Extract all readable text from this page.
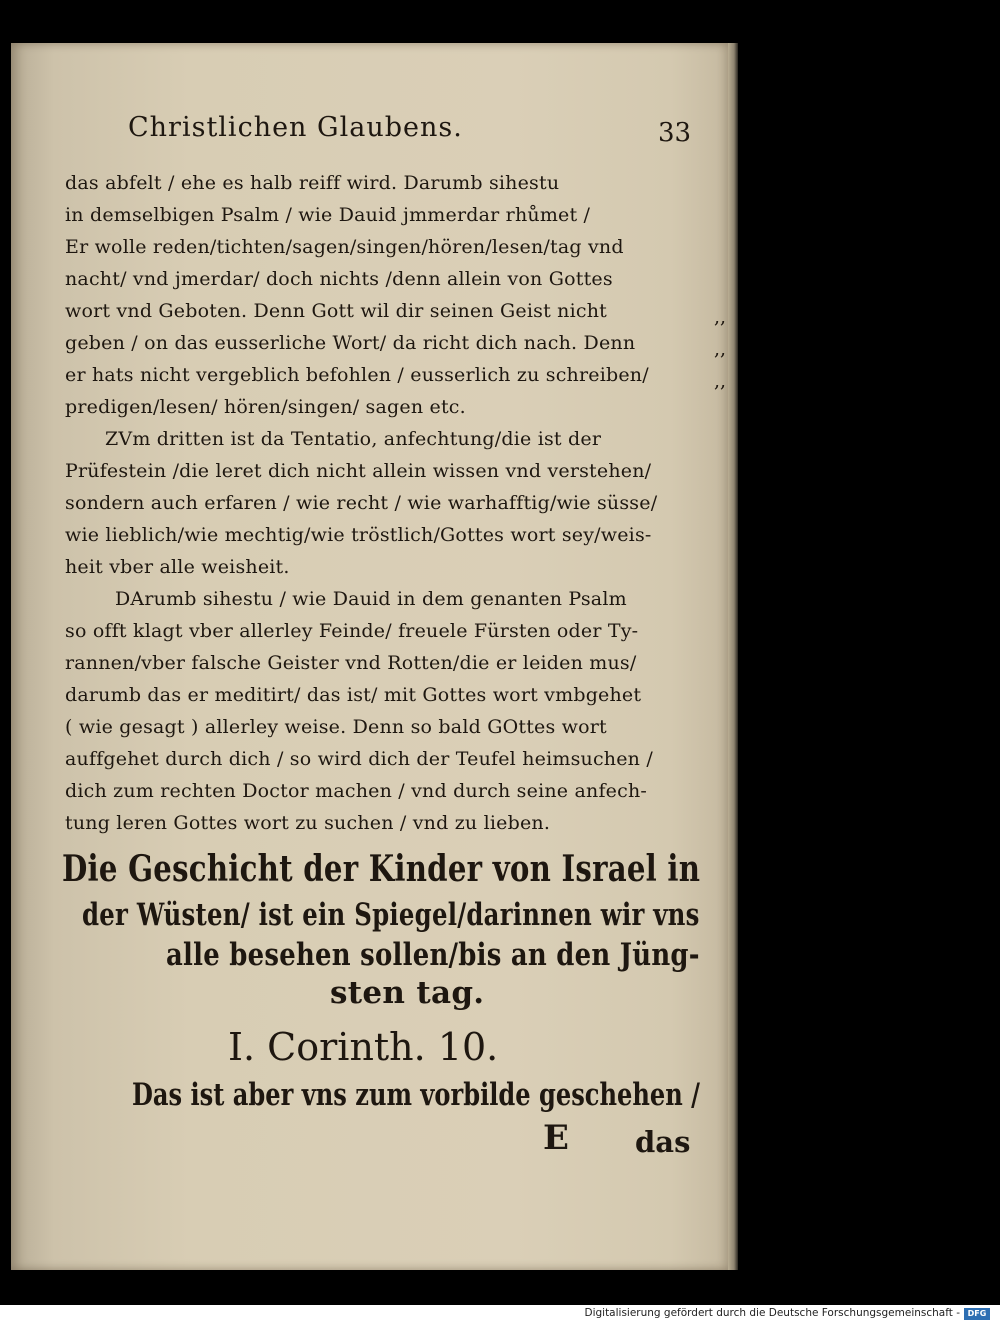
Christlichen Glaubens.	33
das abfelt / ehe es halb reiff wird. Darumb sihestu
in demselbigen Psalm / wie Dauid jmmerdar rhůmet /
Er wolle reden/tichten/sagen/singen/hören/lesen/tag vnd
nacht/ vnd jmerdar/ doch nichts /denn allein von Gottes
wort vnd Geboten. Denn Gott wil dir seinen Geist nicht
geben / on das eusserliche Wort/ da richt dich nach. Denn
er hats nicht vergeblich befohlen / eusserlich zu schreiben/
predigen/lesen/ hören/singen/ sagen etc.
ZVm dritten ist da Tentatio, anfechtung/die ist der
Prüfestein /die leret dich nicht allein wissen vnd verstehen/
sondern auch erfaren / wie recht / wie warhafftig/wie süsse/
wie lieblich/wie mechtig/wie tröstlich/Gottes wort sey/weis-
heit vber alle weisheit.
DArumb sihestu / wie Dauid in dem genanten Psalm
so offt klagt vber allerley Feinde/ freuele Fürsten oder Ty-
rannen/vber falsche Geister vnd Rotten/die er leiden mus/
darumb das er meditirt/ das ist/ mit Gottes wort vmbgehet
( wie gesagt ) allerley weise. Denn so bald GOttes wort
auffgehet durch dich / so wird dich der Teufel heimsuchen /
dich zum rechten Doctor machen / vnd durch seine anfech-
tung leren Gottes wort zu suchen / vnd zu lieben.
,,
,,
,,
Die Geschicht der Kinder von Israel in
der Wüsten/ ist ein Spiegel/darinnen wir vns
alle besehen sollen/bis an den Jüng-
sten tag.
I. Corinth. 10.
Das ist aber vns zum vorbilde geschehen /
E das
Digitalisierung gefördert durch die Deutsche Forschungsgemeinschaft - DFG
